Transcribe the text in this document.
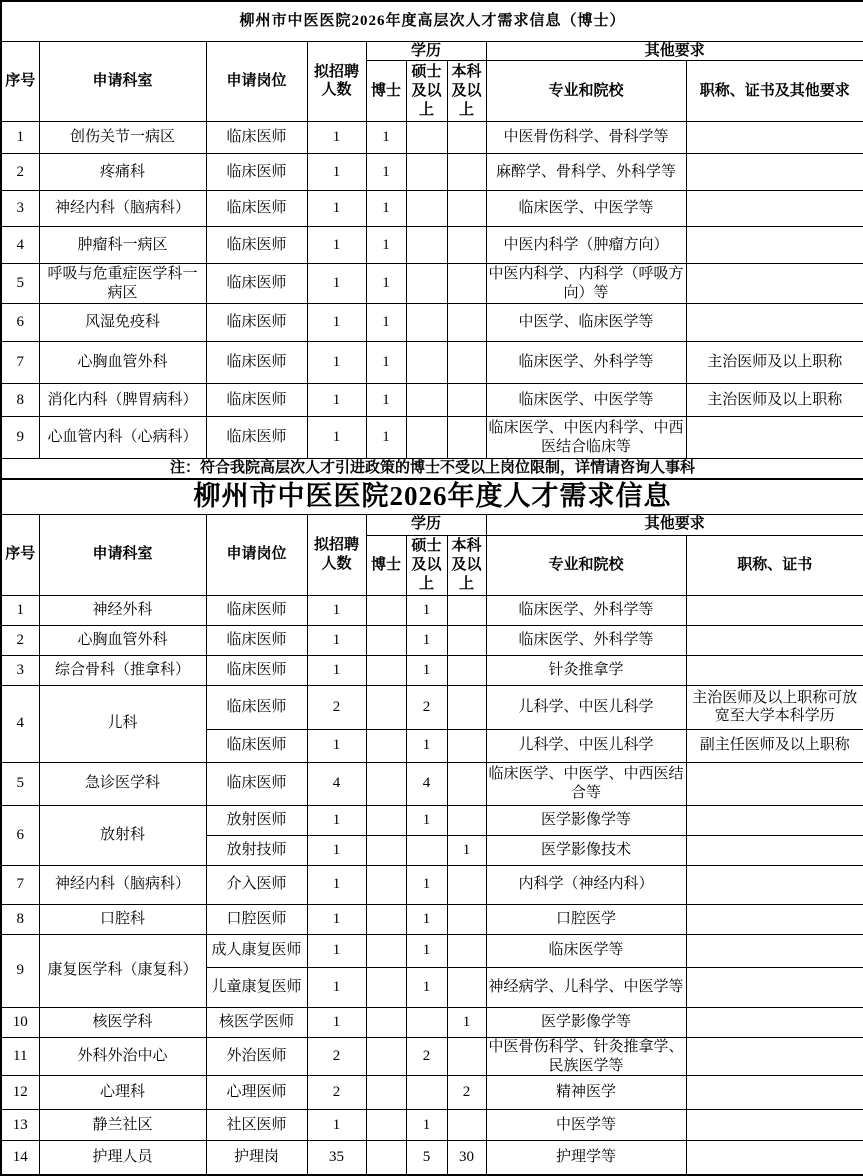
柳州市中医医院2026年度高层次人才需求信息（博士）								
序号	申请科室	申请岗位	拟招聘人数	学历			其他要求	
				博士	硕士及以上	本科及以上	专业和院校	职称、证书及其他要求
1	创伤关节一病区	临床医师	1	1			中医骨伤科学、骨科学等	
2	疼痛科	临床医师	1	1			麻醉学、骨科学、外科学等	
3	神经内科（脑病科）	临床医师	1	1			临床医学、中医学等	
4	肿瘤科一病区	临床医师	1	1			中医内科学（肿瘤方向）	
5	呼吸与危重症医学科一病区	临床医师	1	1			中医内科学、内科学（呼吸方向）等	
6	风湿免疫科	临床医师	1	1			中医学、临床医学等	
7	心胸血管外科	临床医师	1	1			临床医学、外科学等	主治医师及以上职称
8	消化内科（脾胃病科）	临床医师	1	1			临床医学、中医学等	主治医师及以上职称
9	心血管内科（心病科）	临床医师	1	1			临床医学、中医内科学、中西医结合临床等	
注：符合我院高层次人才引进政策的博士不受以上岗位限制，详情请咨询人事科								
柳州市中医医院2026年度人才需求信息								
序号	申请科室	申请岗位	拟招聘人数	学历			其他要求	
				博士	硕士及以上	本科及以上	专业和院校	职称、证书
1	神经外科	临床医师	1		1		临床医学、外科学等	
2	心胸血管外科	临床医师	1		1		临床医学、外科学等	
3	综合骨科（推拿科）	临床医师	1		1		针灸推拿学	
4	儿科	临床医师	2		2		儿科学、中医儿科学	主治医师及以上职称可放宽至大学本科学历
		临床医师	1		1		儿科学、中医儿科学	副主任医师及以上职称
5	急诊医学科	临床医师	4		4		临床医学、中医学、中西医结合等	
6	放射科	放射医师	1		1		医学影像学等	
		放射技师	1			1	医学影像技术	
7	神经内科（脑病科）	介入医师	1		1		内科学（神经内科）	
8	口腔科	口腔医师	1		1		口腔医学	
9	康复医学科（康复科）	成人康复医师	1		1		临床医学等	
		儿童康复医师	1		1		神经病学、儿科学、中医学等	
10	核医学科	核医学医师	1			1	医学影像学等	
11	外科外治中心	外治医师	2		2		中医骨伤科学、针灸推拿学、民族医学等	
12	心理科	心理医师	2			2	精神医学	
13	静兰社区	社区医师	1		1		中医学等	
14	护理人员	护理岗	35		5	30	护理学等	
